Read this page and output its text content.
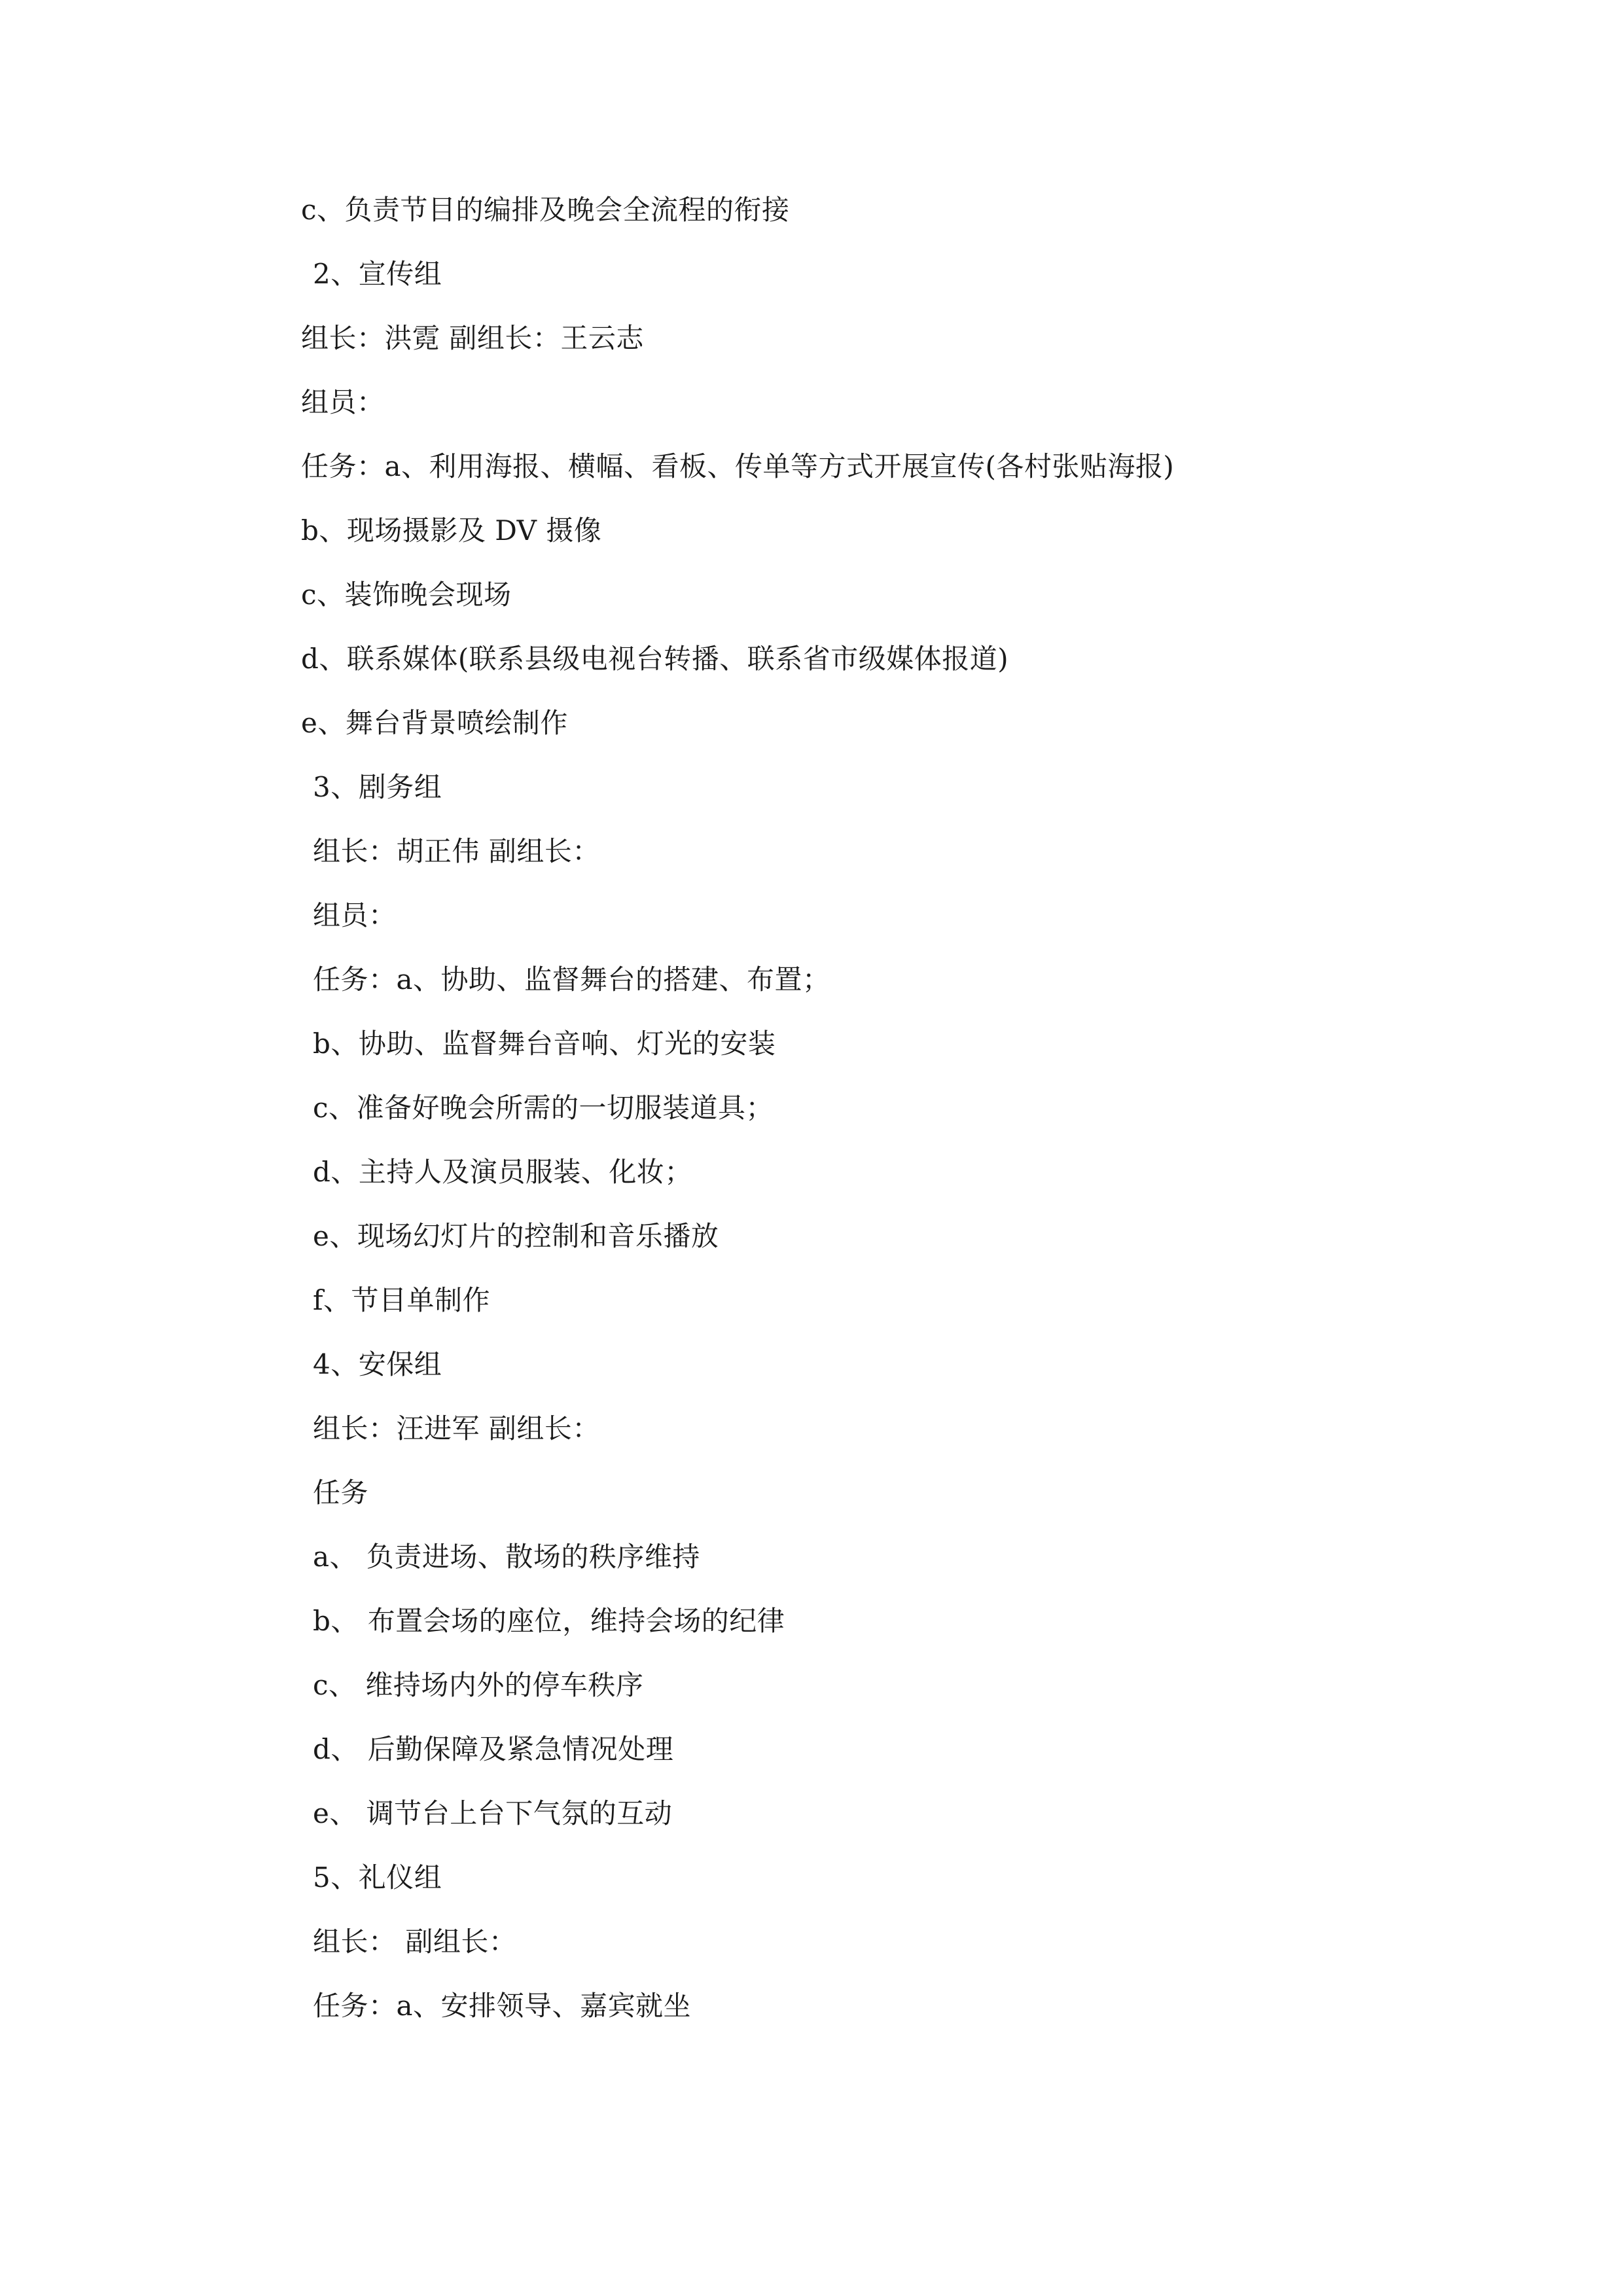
c、负责节目的编排及晚会全流程的衔接

2、宣传组

组长：洪霓 副组长：王云志

组员：

任务：a、利用海报、横幅、看板、传单等方式开展宣传(各村张贴海报)

b、现场摄影及 DV 摄像

c、装饰晚会现场

d、联系媒体(联系县级电视台转播、联系省市级媒体报道)

e、舞台背景喷绘制作

3、剧务组

组长：胡正伟 副组长：

组员：

任务：a、协助、监督舞台的搭建、布置；

b、协助、监督舞台音响、灯光的安装

c、准备好晚会所需的一切服装道具；

d、主持人及演员服装、化妆；

e、现场幻灯片的控制和音乐播放

f、节目单制作

4、安保组

组长：汪进军 副组长：

任务

a、 负责进场、散场的秩序维持

b、 布置会场的座位，维持会场的纪律

c、 维持场内外的停车秩序

d、 后勤保障及紧急情况处理

e、 调节台上台下气氛的互动

5、礼仪组

组长： 副组长：

任务：a、安排领导、嘉宾就坐
